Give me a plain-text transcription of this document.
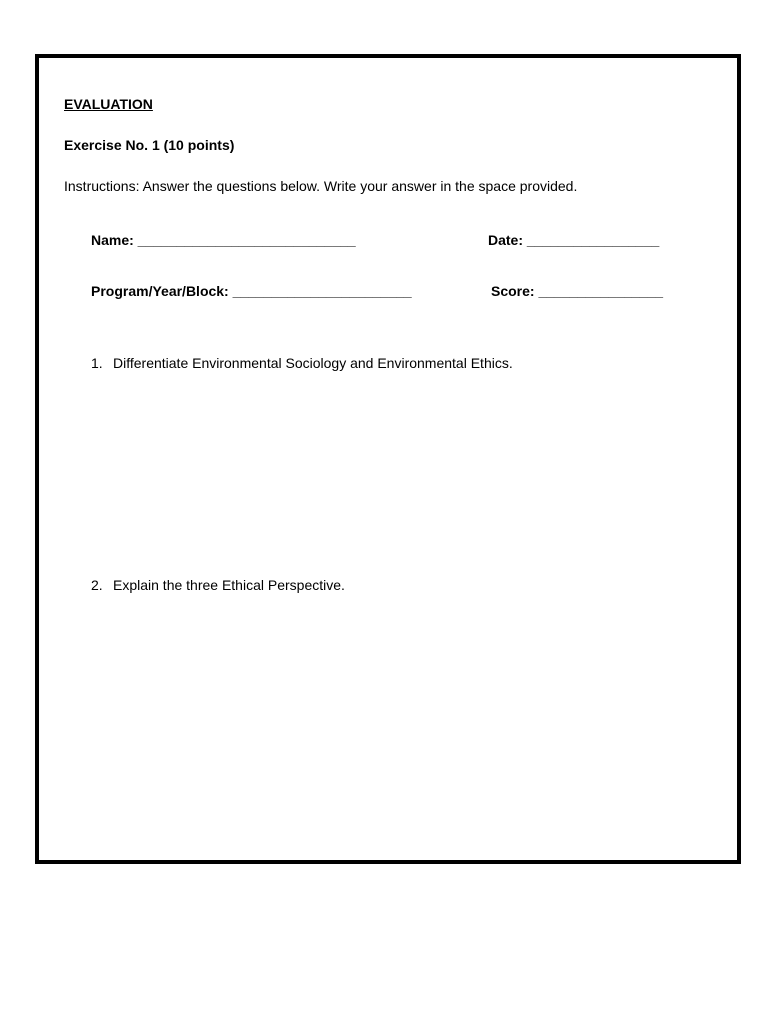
EVALUATION
Exercise No. 1 (10 points)
Instructions: Answer the questions below. Write your answer in the space provided.
Name: ____________________________	Date: _________________
Program/Year/Block: _______________________	Score: ________________
1. Differentiate Environmental Sociology and Environmental Ethics.
2. Explain the three Ethical Perspective.
